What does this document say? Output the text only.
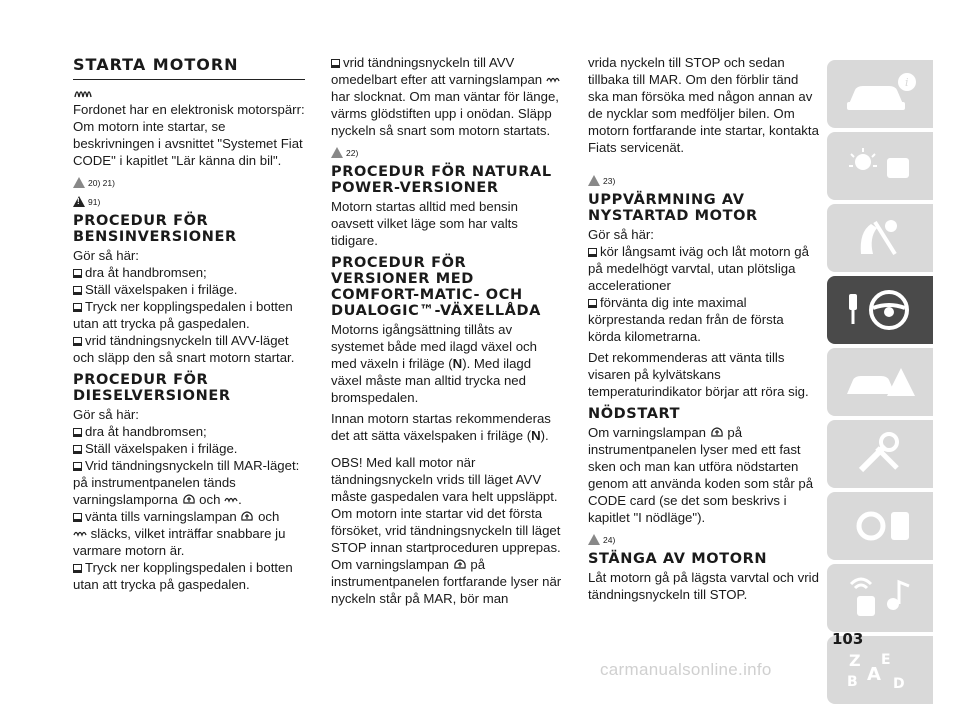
STARTA MOTORN

Fordonet har en elektronisk motorspärr: Om motorn inte startar, se beskrivningen i avsnittet "Systemet Fiat CODE" i kapitlet "Lär känna din bil".

20) 21)
!
91)
PROCEDUR FÖR BENSINVERSIONER

Gör så här:

dra åt handbromsen;

Ställ växelspaken i friläge.

Tryck ner kopplingspedalen i botten utan att trycka på gaspedalen.

vrid tändningsnyckeln till AVV-läget och släpp den så snart motorn startar.

PROCEDUR FÖR DIESELVERSIONER

Gör så här:

dra åt handbromsen;

Ställ växelspaken i friläge.

Vrid tändningsnyckeln till MAR-läget: på instrumentpanelen tänds varningslamporna och .

vänta tills varningslampan och
släcks, vilket inträffar snabbare ju varmare motorn är.

Tryck ner kopplingspedalen i botten utan att trycka på gaspedalen.

vrid tändningsnyckeln till AVV omedelbart efter att varningslampan  har slocknat. Om man väntar för länge, värms glödstiften upp i onödan. Släpp nyckeln så snart som motorn startats.

22)
PROCEDUR FÖR NATURAL POWER-VERSIONER

Motorn startas alltid med bensin oavsett vilket läge som har valts tidigare.

PROCEDUR FÖR VERSIONER MED COMFORT-MATIC- OCH DUALOGIC™-VÄXELLÅDA

Motorns igångsättning tillåts av systemet både med ilagd växel och med växeln i friläge (N). Med ilagd växel måste man alltid trycka ned bromspedalen.

Innan motorn startas rekommenderas det att sätta växelspaken i friläge (N).

OBS! Med kall motor när tändningsnyckeln vrids till läget AVV måste gaspedalen vara helt uppsläppt. Om motorn inte startar vid det första försöket, vrid tändningsnyckeln till läget STOP innan startproceduren upprepas. Om varningslampan på instrumentpanelen fortfarande lyser när nyckeln står på MAR, bör man

vrida nyckeln till STOP och sedan tillbaka till MAR. Om den förblir tänd ska man försöka med någon annan av de nycklar som medföljer bilen. Om motorn fortfarande inte startar, kontakta Fiats servicenät.

23)
UPPVÄRMNING AV NYSTARTAD MOTOR

Gör så här:

kör långsamt iväg och låt motorn gå på medelhögt varvtal, utan plötsliga accelerationer

förvänta dig inte maximal körprestanda redan från de första körda kilometrarna.

Det rekommenderas att vänta tills visaren på kylvätskans temperaturindikator börjar att röra sig.

NÖDSTART

Om varningslampan på instrumentpanelen lyser med ett fast sken och man kan utföra nödstarten genom att använda koden som står på CODE card (se det som beskrivs i kapitlet "I nödläge").

24)
STÄNGA AV MOTORN

Låt motorn gå på lägsta varvtal och vrid tändningsnyckeln till STOP.

i
Z E
B A D
103
carmanualsonline.info
